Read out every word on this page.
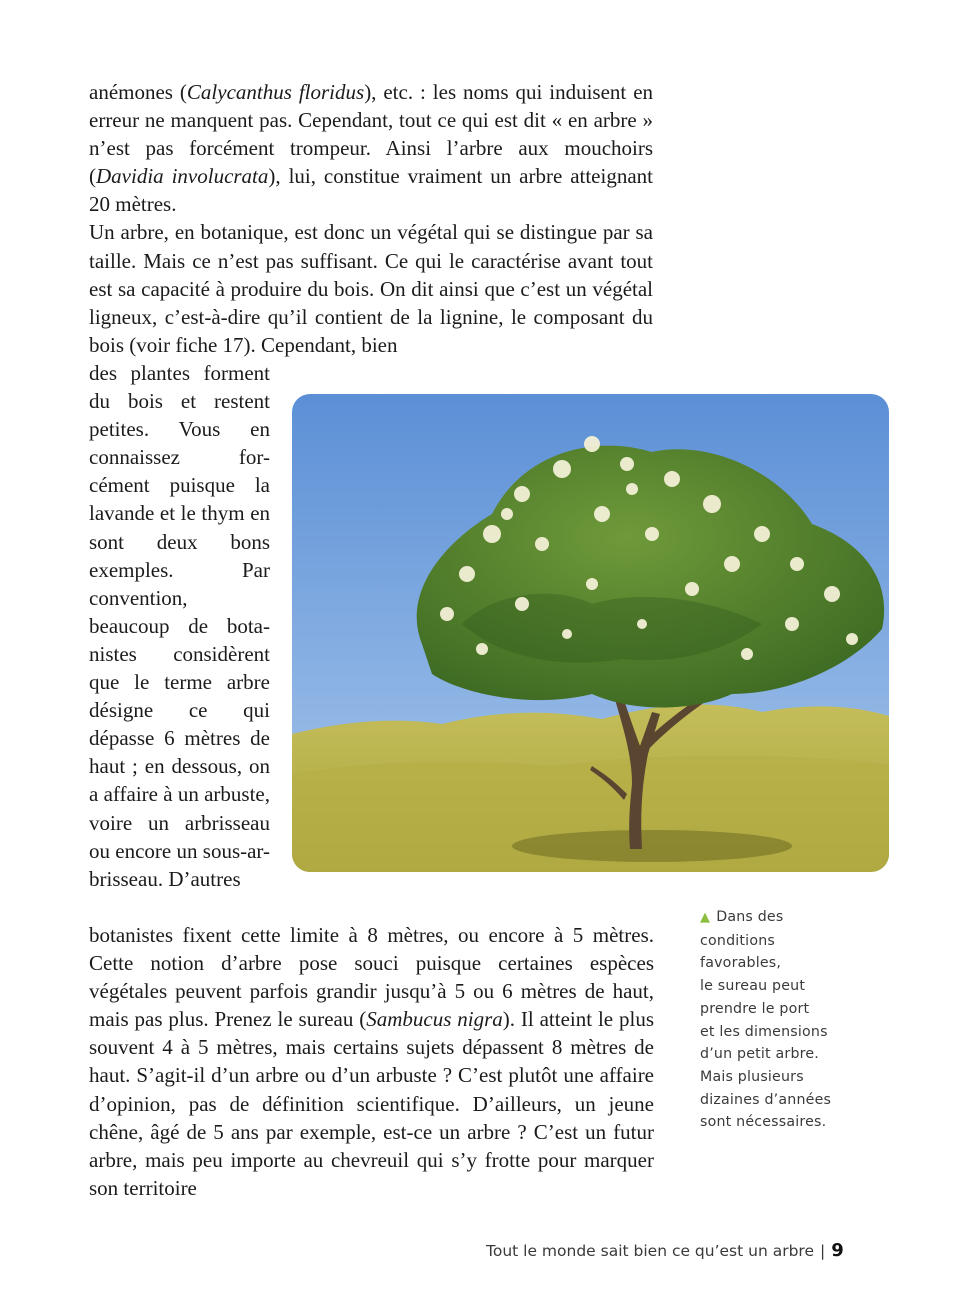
anémones (Calycanthus floridus), etc. : les noms qui induisent en erreur ne manquent pas. Cependant, tout ce qui est dit « en arbre » n’est pas forcément trompeur. Ainsi l’arbre aux mouchoirs (Davidia involucrata), lui, constitue vraiment un arbre atteignant 20 mètres.

Un arbre, en botanique, est donc un végétal qui se distingue par sa taille. Mais ce n’est pas suffisant. Ce qui le caractérise avant tout est sa capacité à produire du bois. On dit ainsi que c’est un végétal ligneux, c’est-à-dire qu’il contient de la lignine, le composant du bois (voir fiche 17). Cependant, bien

des plantes forment du bois et restent petites. Vous en connaissez for- cément puisque la lavande et le thym en sont deux bons exemples.	Par convention, beaucoup de bota- nistes considèrent que le terme arbre désigne ce qui dépasse 6 mètres de haut ; en dessous, on a affaire à un arbuste, voire un arbrisseau ou encore un sous-ar- brisseau. D’autres

botanistes fixent cette limite à 8 mètres, ou encore à 5 mètres. Cette notion d’arbre pose souci puisque certaines espèces végétales peuvent parfois grandir jusqu’à 5 ou 6 mètres de haut, mais pas plus. Prenez le sureau (Sambucus nigra). Il atteint le plus souvent 4 à 5 mètres, mais certains sujets dépassent 8 mètres de haut. S’agit-il d’un arbre ou d’un arbuste ? C’est plutôt une affaire d’opinion, pas de définition scientifique. D’ailleurs, un jeune chêne, âgé de 5 ans par exemple, est-ce un arbre ? C’est un futur arbre, mais peu importe au chevreuil qui s’y frotte pour marquer son territoire

▲ Dans des
conditions
favorables,
le sureau peut
prendre le port
et les dimensions
d’un petit arbre.
Mais plusieurs
dizaines d’années
sont nécessaires.
Tout le monde sait bien ce qu’est un arbre | 9
